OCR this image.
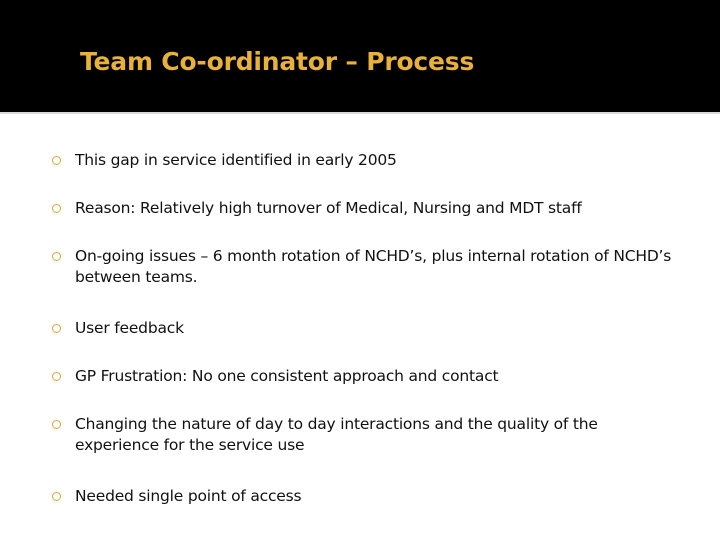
Team Co-ordinator – Process
This gap in service identified in early 2005
Reason: Relatively high turnover of Medical, Nursing and MDT staff
On-going issues – 6 month rotation of NCHD’s, plus internal rotation of NCHD’s between teams.
User feedback
GP Frustration: No one consistent approach and contact
Changing the nature of day to day interactions and the quality of the experience for the service use
Needed single point of access
